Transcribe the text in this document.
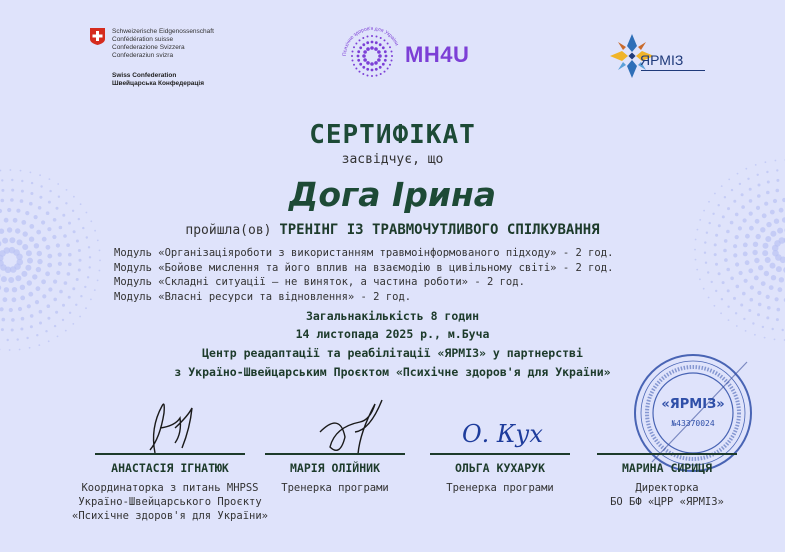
Schweizerische Eidgenossenschaft
Confédération suisse
Confederazione Svizzera
Confederaziun svizra
Swiss Confederation
Швейцарська Конфедерація
Психічне здоров'я для України MH4U	ЯРМІЗ
СЕРТИФІКАТ
засвідчує, що
Дога Ірина
пройшла(ов) ТРЕНІНГ ІЗ ТРАВМОЧУТЛИВОГО СПІЛКУВАННЯ
Модуль «Організаціяроботи з використанням травмоінформованого підходу» - 2 год.
Модуль «Бойове мислення та його вплив на взаємодію в цивільному світі» - 2 год.
Модуль «Складні ситуації – не виняток, а частина роботи» - 2 год.
Модуль «Власні ресурси та відновлення» - 2 год.
Загальнакількість 8 годин
14 листопада 2025 р., м.Буча
Центр реадаптації та реабілітації «ЯРМІЗ» у партнерстві
з Україно-Швейцарським Проєктом «Психічне здоров'я для України»
«ЯРМІЗ»
№43370024
О. Кух
АНАСТАСІЯ ІГНАТЮК
Координаторка з питань MHPSS
Україно-Швейцарського Проєкту
«Психічне здоров'я для України»
МАРІЯ ОЛІЙНИК
Тренерка програми
ОЛЬГА КУХАРУК
Тренерка програми
МАРИНА СИРИЦЯ
Директорка
БО БФ «ЦРР «ЯРМІЗ»
